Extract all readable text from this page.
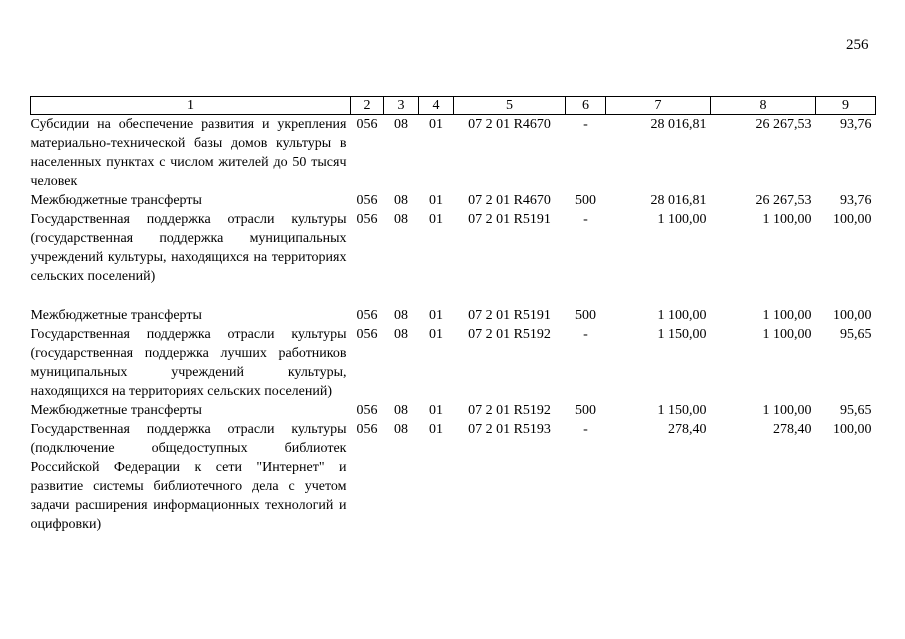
256
1	2	3	4	5	6	7	8	9
Субсидии на обеспечение развития и укрепления материально-технической базы домов культуры в населенных пунктах с числом жителей до 50 тысяч человек	056	08	01	07 2 01 R4670	-	28 016,81	26 267,53	93,76
Межбюджетные трансферты	056	08	01	07 2 01 R4670	500	28 016,81	26 267,53	93,76
Государственная поддержка отрасли культуры (государственная поддержка муниципальных учреждений культуры, находящихся на территориях сельских поселений)	056	08	01	07 2 01 R5191	-	1 100,00	1 100,00	100,00

Межбюджетные трансферты	056	08	01	07 2 01 R5191	500	1 100,00	1 100,00	100,00
Государственная поддержка отрасли культуры (государственная поддержка лучших работников муниципальных учреждений культуры, находящихся на территориях сельских поселений)	056	08	01	07 2 01 R5192	-	1 150,00	1 100,00	95,65
Межбюджетные трансферты	056	08	01	07 2 01 R5192	500	1 150,00	1 100,00	95,65
Государственная поддержка отрасли культуры (подключение общедоступных библиотек Российской Федерации к сети "Интернет" и развитие системы библиотечного дела с учетом задачи расширения информационных технологий и оцифровки)	056	08	01	07 2 01 R5193	-	278,40	278,40	100,00
